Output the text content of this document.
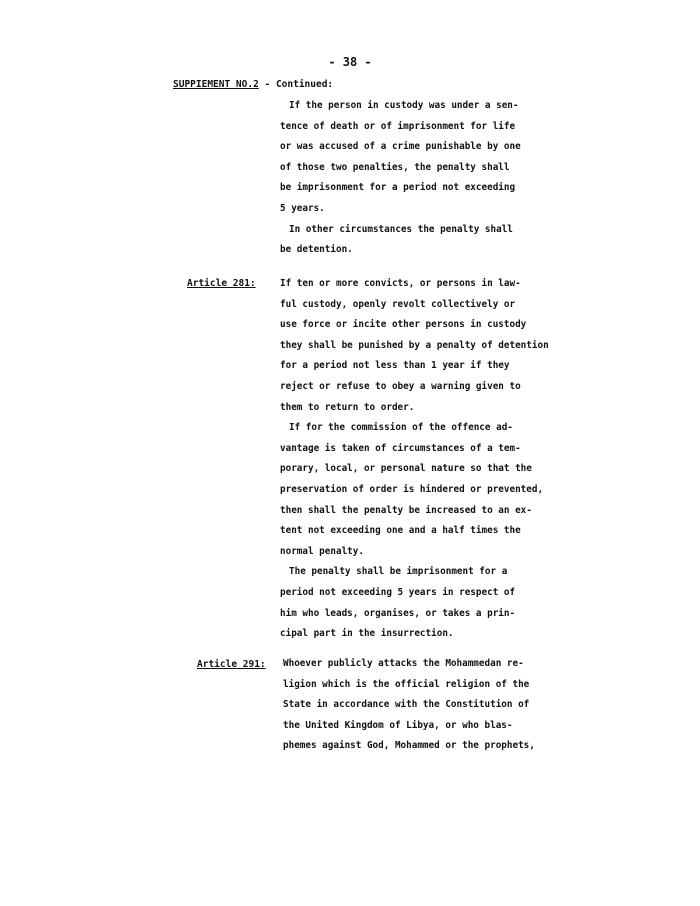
- 38 -
SUPPIEMENT NO.2 - Continued:
If the person in custody was under a sen-
tence of death or of imprisonment for life
or was accused of a crime punishable by one
of those two penalties, the penalty shall
be imprisonment for a period not exceeding
5 years.
In other circumstances the penalty shall
be detention.
Article 281:	If ten or more convicts, or persons in law-
ful custody, openly revolt collectively or
use force or incite other persons in custody
they shall be punished by a penalty of detention
for a period not less than 1 year if they
reject or refuse to obey a warning given to
them to return to order.
If for the commission of the offence ad-
vantage is taken of circumstances of a tem-
porary, local, or personal nature so that the
preservation of order is hindered or prevented,
then shall the penalty be increased to an ex-
tent not exceeding one and a half times the
normal penalty.
The penalty shall be imprisonment for a
period not exceeding 5 years in respect of
him who leads, organises, or takes a prin-
cipal part in the insurrection.
Article 291: Whoever publicly attacks the Mohammedan re-
ligion which is the official religion of the
State in accordance with the Constitution of
the United Kingdom of Libya, or who blas-
phemes against God, Mohammed or the prophets,
